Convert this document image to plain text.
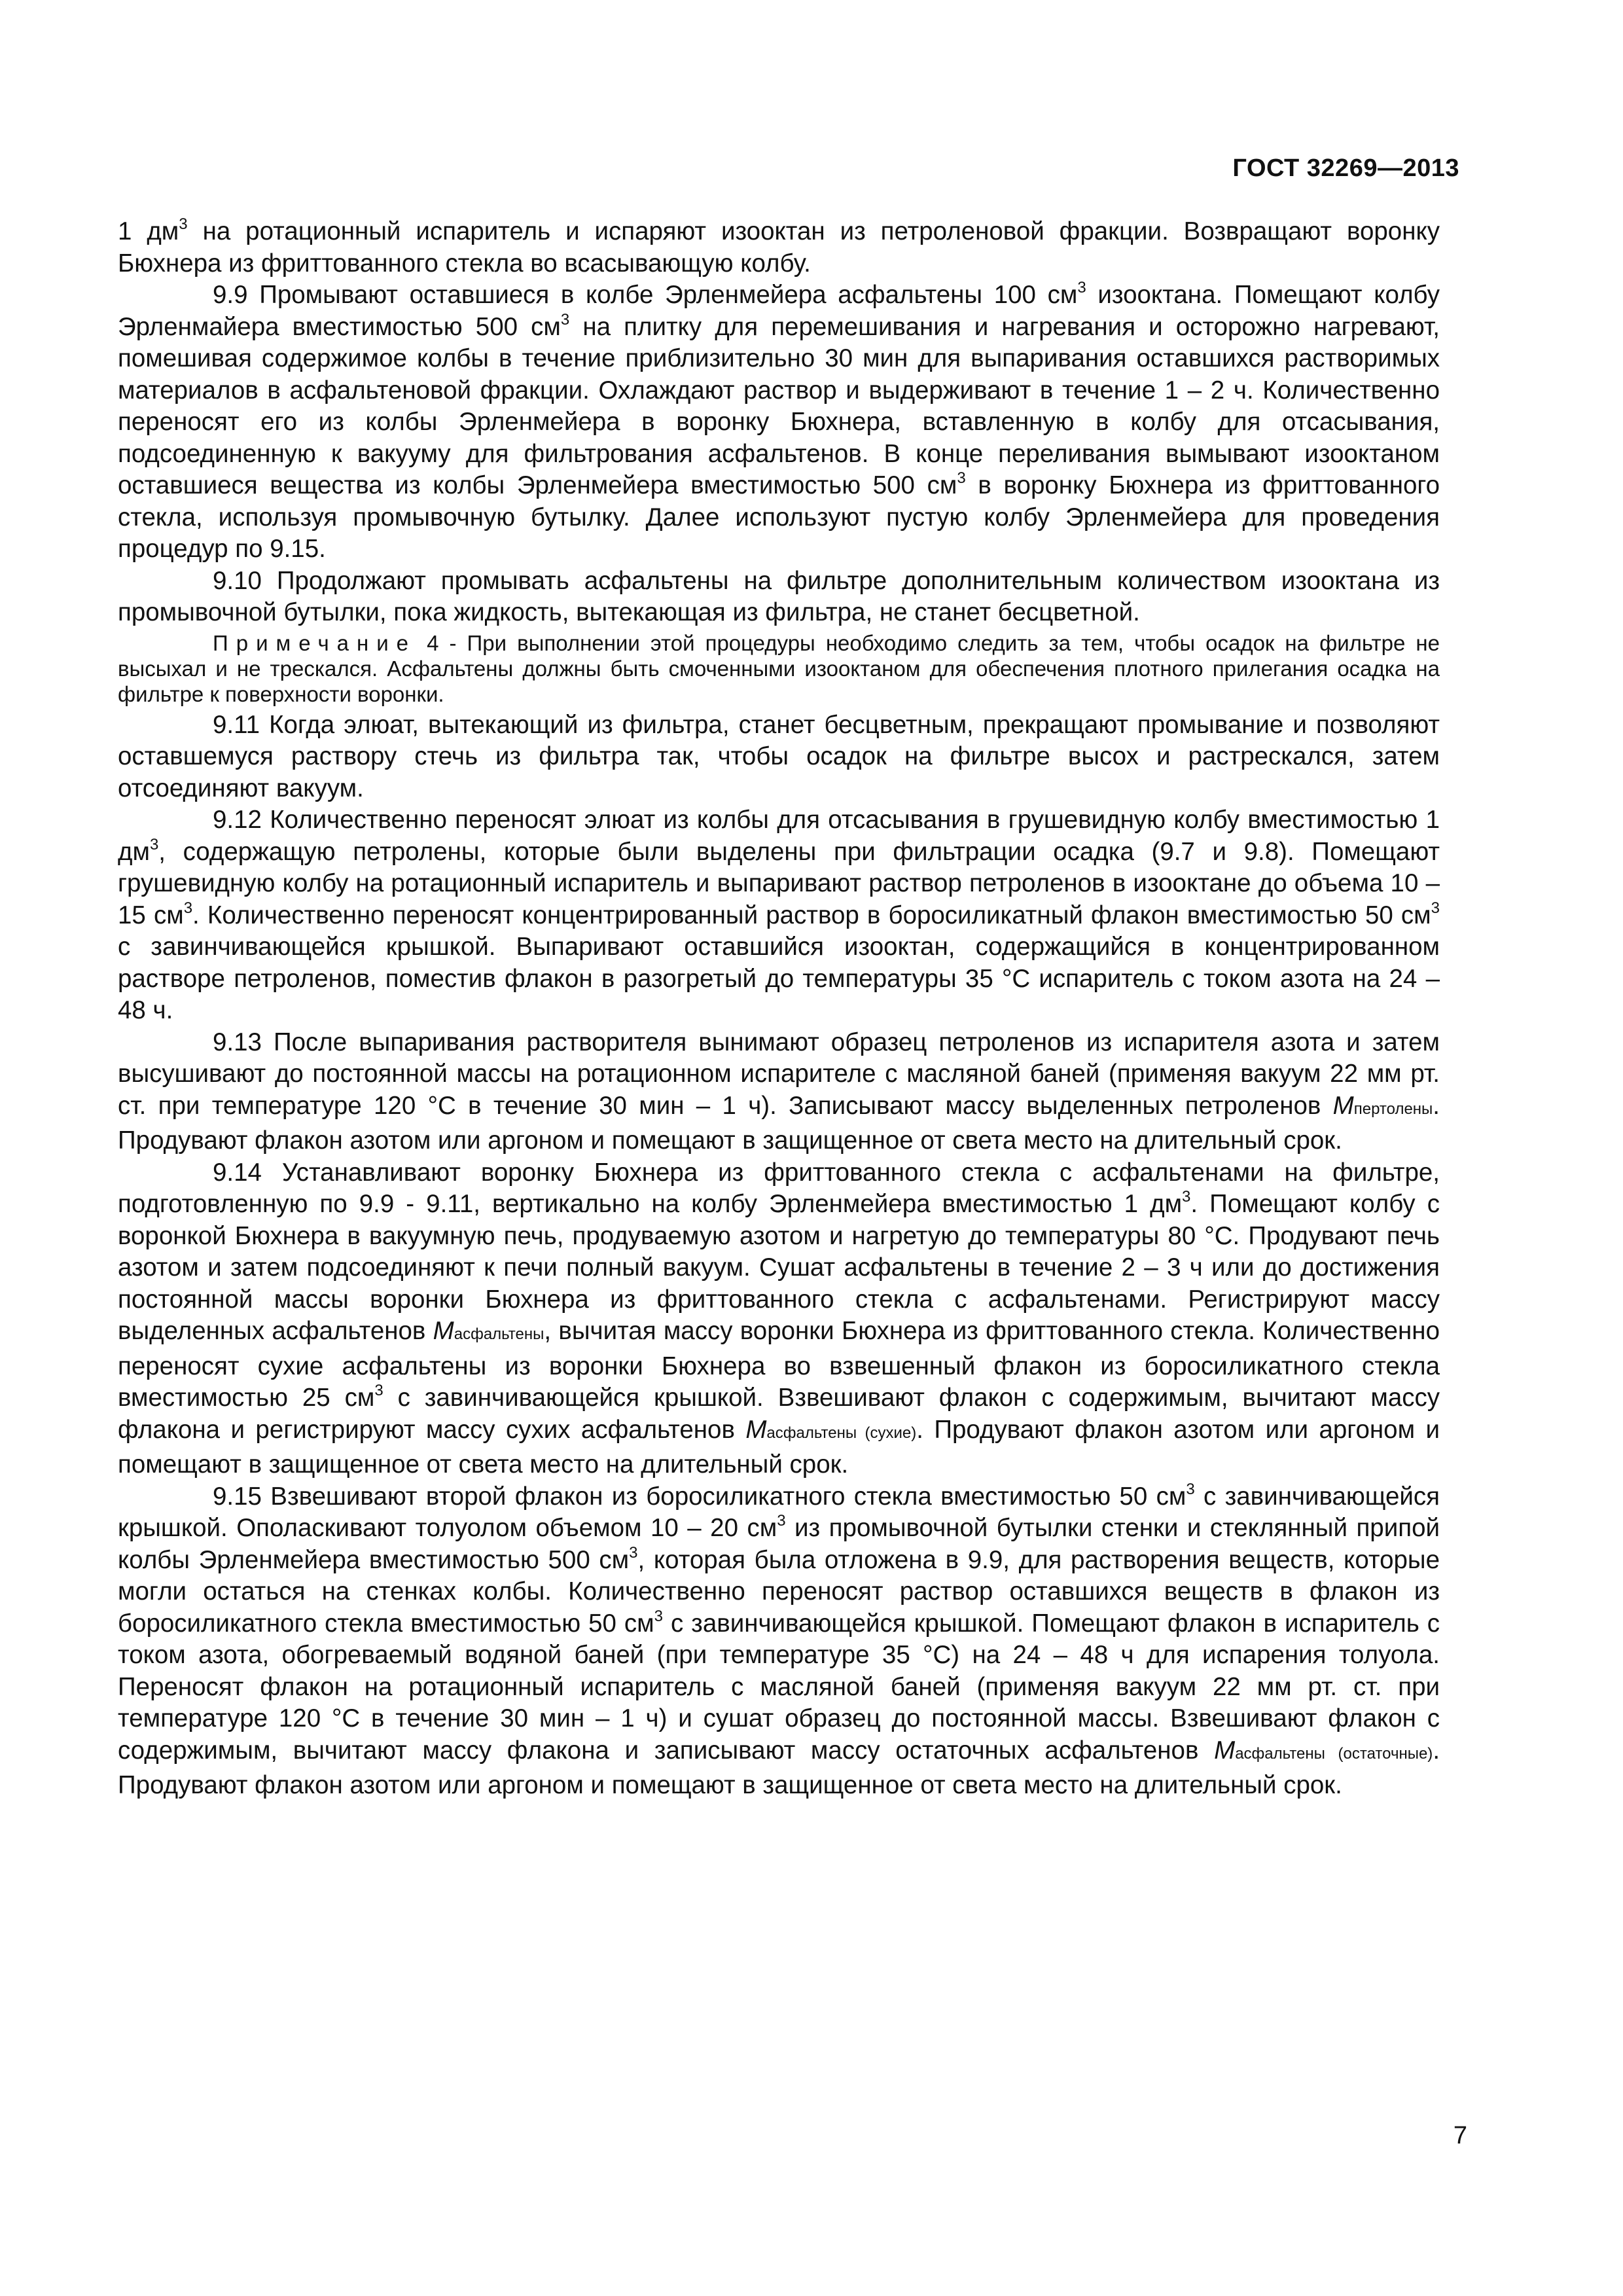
ГОСТ 32269—2013

1 $дм^3$ на ротационный испаритель и испаряют изооктан из петроленовой фракции. Возвращают воронку Бюхнера из фриттованного стекла во всасывающую колбу.

9.9 Промывают оставшиеся в колбе Эрленмейера асфальтены 100 $см^3$ изооктана. Помещают колбу Эрленмайера вместимостью 500 $см^3$ на плитку для перемешивания и нагревания и осторожно нагревают, помешивая содержимое колбы в течение приблизительно 30 мин для выпаривания оставшихся растворимых материалов в асфальтеновой фракции. Охлаждают раствор и выдерживают в течение 1 – 2 ч. Количественно переносят его из колбы Эрленмейера в воронку Бюхнера, вставленную в колбу для отсасывания, подсоединенную к вакууму для фильтрования асфальтенов. В конце переливания вымывают изооктаном оставшиеся вещества из колбы Эрленмейера вместимостью 500 $см^3$ в воронку Бюхнера из фриттованного стекла, используя промывочную бутылку. Далее используют пустую колбу Эрленмейера для проведения процедур по 9.15.

9.10 Продолжают промывать асфальтены на фильтре дополнительным количеством изооктана из промывочной бутылки, пока жидкость, вытекающая из фильтра, не станет бесцветной.

Примечание 4 - При выполнении этой процедуры необходимо следить за тем, чтобы осадок на фильтре не высыхал и не трескался. Асфальтены должны быть смоченными изооктаном для обеспечения плотного прилегания осадка на фильтре к поверхности воронки.

9.11 Когда элюат, вытекающий из фильтра, станет бесцветным, прекращают промывание и позволяют оставшемуся раствору стечь из фильтра так, чтобы осадок на фильтре высох и растрескался, затем отсоединяют вакуум.

9.12 Количественно переносят элюат из колбы для отсасывания в грушевидную колбу вместимостью 1 $дм^3$, содержащую петролены, которые были выделены при фильтрации осадка (9.7 и 9.8). Помещают грушевидную колбу на ротационный испаритель и выпаривают раствор петроленов в изооктане до объема 10 – 15 $см^3$. Количественно переносят концентрированный раствор в боросиликатный флакон вместимостью 50 $см^3$ с завинчивающейся крышкой. Выпаривают оставшийся изооктан, содержащийся в концентрированном растворе петроленов, поместив флакон в разогретый до температуры 35 °С испаритель с током азота на 24 – 48 ч.

9.13 После выпаривания растворителя вынимают образец петроленов из испарителя азота и затем высушивают до постоянной массы на ротационном испарителе с масляной баней (применяя вакуум 22 мм рт. ст. при температуре 120 °С в течение 30 мин – 1 ч). Записывают массу выделенных петроленов Mпертолены. Продувают флакон азотом или аргоном и помещают в защищенное от света место на длительный срок.

9.14 Устанавливают воронку Бюхнера из фриттованного стекла с асфальтенами на фильтре, подготовленную по 9.9 - 9.11, вертикально на колбу Эрленмейера вместимостью 1 $дм^3$. Помещают колбу с воронкой Бюхнера в вакуумную печь, продуваемую азотом и нагретую до температуры 80 °С. Продувают печь азотом и затем подсоединяют к печи полный вакуум. Сушат асфальтены в течение 2 – 3 ч или до достижения постоянной массы воронки Бюхнера из фриттованного стекла с асфальтенами. Регистрируют массу выделенных асфальтенов Mасфальтены, вычитая массу воронки Бюхнера из фриттованного стекла. Количественно переносят сухие асфальтены из воронки Бюхнера во взвешенный флакон из боросиликатного стекла вместимостью 25 $см^3$ с завинчивающейся крышкой. Взвешивают флакон с содержимым, вычитают массу флакона и регистрируют массу сухих асфальтенов Mасфальтены (сухие). Продувают флакон азотом или аргоном и помещают в защищенное от света место на длительный срок.

9.15 Взвешивают второй флакон из боросиликатного стекла вместимостью 50 $см^3$ с завинчивающейся крышкой. Ополаскивают толуолом объемом 10 – 20 $см^3$ из промывочной бутылки стенки и стеклянный припой колбы Эрленмейера вместимостью 500 $см^3$, которая была отложена в 9.9, для растворения веществ, которые могли остаться на стенках колбы. Количественно переносят раствор оставшихся веществ в флакон из боросиликатного стекла вместимостью 50 $см^3$ с завинчивающейся крышкой. Помещают флакон в испаритель с током азота, обогреваемый водяной баней (при температуре 35 °С) на 24 – 48 ч для испарения толуола. Переносят флакон на ротационный испаритель с масляной баней (применяя вакуум 22 мм рт. ст. при температуре 120 °С в течение 30 мин – 1 ч) и сушат образец до постоянной массы. Взвешивают флакон с содержимым, вычитают массу флакона и записывают массу остаточных асфальтенов Mасфальтены (остаточные). Продувают флакон азотом или аргоном и помещают в защищенное от света место на длительный срок.

7
